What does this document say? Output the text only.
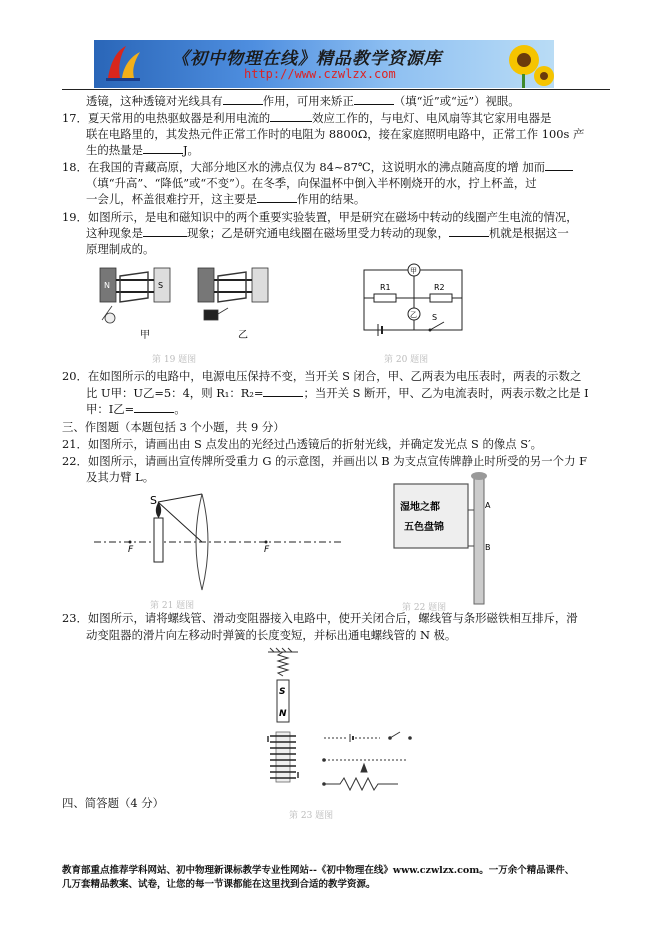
《初中物理在线》精品教学资源库
http://www.czwlzx.com
透镜，这种透镜对光线具有	作用，可用来矫正	（填“近”或“远”）视眼。
17．夏天常用的电热驱蚊器是利用电流的	效应工作的，与电灯、电风扇等其它家用电器是
联在电路里的，其发热元件正常工作时的电阻为 8800Ω，接在家庭照明电路中，正常工作 100s 产
生的热量是	J。
18．在我国的青藏高原，大部分地区水的沸点仅为 84~87℃，这说明水的沸点随高度的增 加而
（填“升高”、“降低”或“不变”）。在冬季，向保温杯中倒入半杯刚烧开的水，拧上杯盖，过
一会儿，杯盖很难拧开，这主要是	作用的结果。
19．如图所示，是电和磁知识中的两个重要实验装置，甲是研究在磁场中转动的线圈产生电流的情况，
这种现象是	现象；乙是研究通电线圈在磁场里受力转动的现象，	机就是根据这一
原理制成的。
N	S
甲	乙
第 19 题图
甲
R1	R2
乙 S
第 20 题图
20．在如图所示的电路中，电源电压保持不变，当开关 S 闭合，甲、乙两表为电压表时，两表的示数之
比 U甲：U乙=5：4，则 R₁：R₂=	；当开关 S 断开，甲、乙为电流表时，两表示数之比是 I
甲：I乙=	。
三、作图题（本题包括 3 个小题，共 9 分）
21．如图所示，请画出由 S 点发出的光经过凸透镜后的折射光线，并确定发光点 S 的像点 S′。
22．如图所示，请画出宣传牌所受重力 G 的示意图，并画出以 B 为支点宣传牌静止时所受的另一个力 F
及其力臂 L。
S
F	F
第 21 题图
湿地之都
五色盘锦
A
B
第 22 题图
23．如图所示，请将螺线管、滑动变阻器接入电路中，使开关闭合后，螺线管与条形磁铁相互排斥，滑
动变阻器的滑片向左移动时弹簧的长度变短，并标出通电螺线管的 N 极。
S
N
四、简答题（4 分）
第 23 题图
教育部重点推荐学科网站、初中物理新课标教学专业性网站--《初中物理在线》www.czwlzx.com。一万余个精品课件、
几万套精品教案、试卷，让您的每一节课都能在这里找到合适的教学资源。
